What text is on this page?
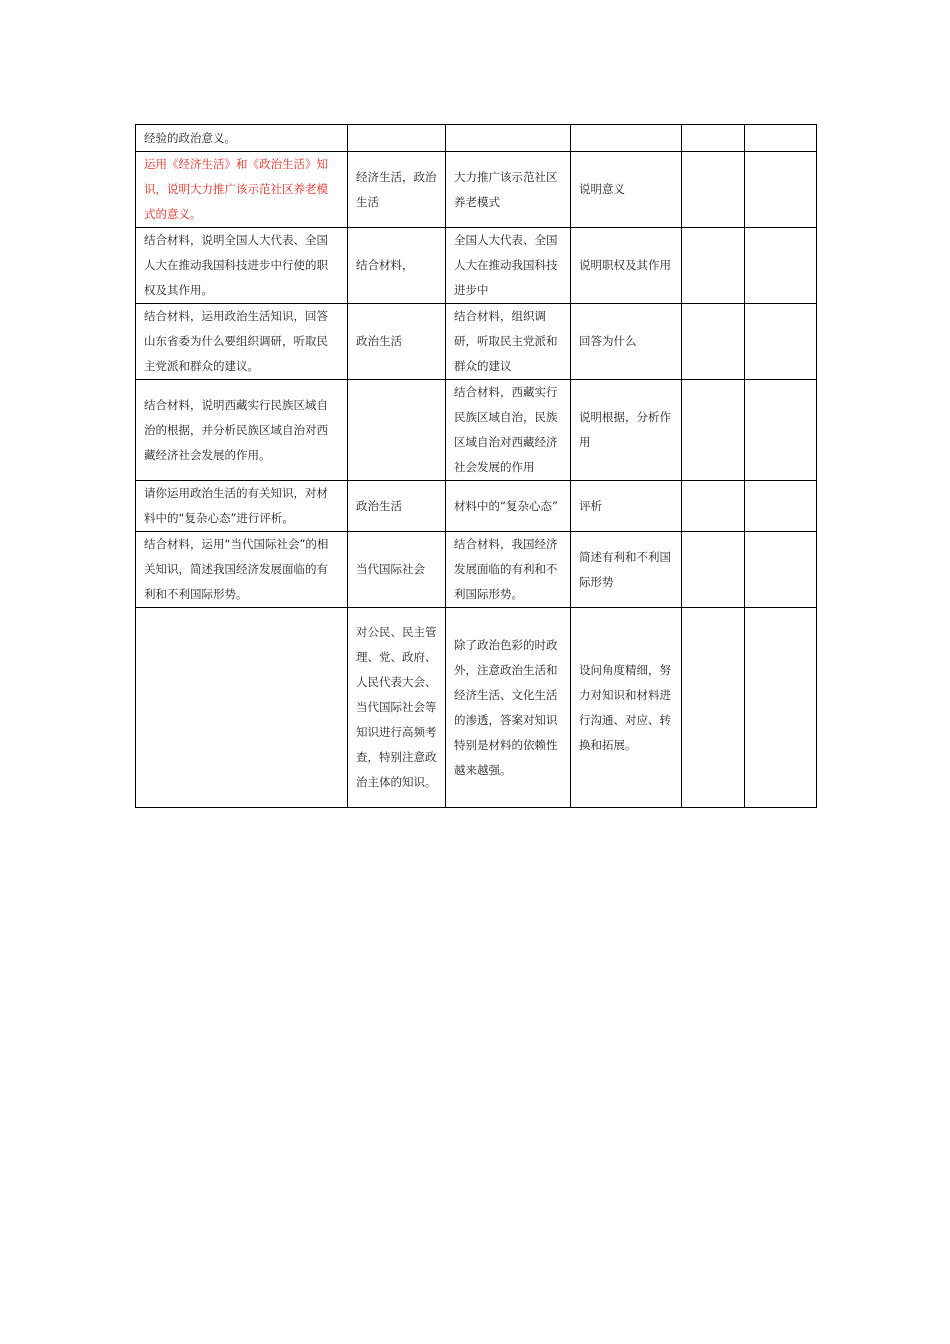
经验的政治意义。					
运用《经济生活》和《政治生活》知识，说明大力推广该示范社区养老模式的意义。	经济生活，政治生活	大力推广该示范社区养老模式	说明意义		
结合材料，说明全国人大代表、全国人大在推动我国科技进步中行使的职权及其作用。	结合材料，	全国人大代表、全国人大在推动我国科技进步中	说明职权及其作用		
结合材料，运用政治生活知识，回答山东省委为什么要组织调研，听取民主党派和群众的建议。	政治生活	结合材料，组织调研，听取民主党派和群众的建议	回答为什么		
结合材料，说明西藏实行民族区域自治的根据，并分析民族区域自治对西藏经济社会发展的作用。		结合材料，西藏实行民族区域自治，民族区域自治对西藏经济社会发展的作用	说明根据，分析作用		
请你运用政治生活的有关知识，对材料中的“复杂心态”进行评析。	政治生活	材料中的“复杂心态”	评析		
结合材料，运用“当代国际社会”的相关知识，简述我国经济发展面临的有利和不利国际形势。	当代国际社会	结合材料，我国经济发展面临的有利和不利国际形势。	简述有利和不利国际形势		
	对公民、民主管理、党、政府、人民代表大会、当代国际社会等知识进行高频考查，特别注意政治主体的知识。	除了政治色彩的时政外，注意政治生活和经济生活、文化生活的渗透，答案对知识特别是材料的依赖性越来越强。	设问角度精细，努力对知识和材料进行沟通、对应、转换和拓展。		
